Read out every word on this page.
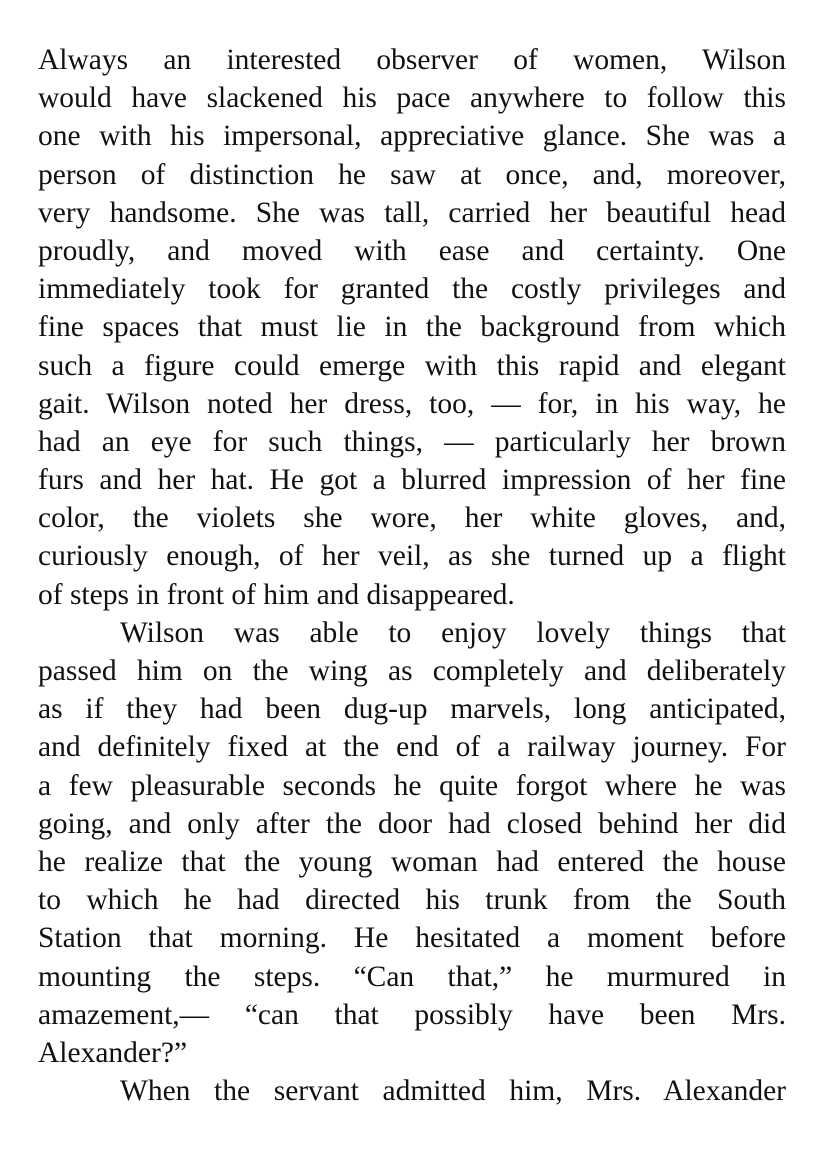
Always an interested observer of women, Wilson
would have slackened his pace anywhere to follow this
one with his impersonal, appreciative glance. She was a
person of distinction he saw at once, and, moreover,
very handsome. She was tall, carried her beautiful head
proudly, and moved with ease and certainty. One
immediately took for granted the costly privileges and
fine spaces that must lie in the background from which
such a figure could emerge with this rapid and elegant
gait. Wilson noted her dress, too, — for, in his way, he
had an eye for such things, — particularly her brown
furs and her hat. He got a blurred impression of her fine
color, the violets she wore, her white gloves, and,
curiously enough, of her veil, as she turned up a flight
of steps in front of him and disappeared.
Wilson was able to enjoy lovely things that
passed him on the wing as completely and deliberately
as if they had been dug-up marvels, long anticipated,
and definitely fixed at the end of a railway journey. For
a few pleasurable seconds he quite forgot where he was
going, and only after the door had closed behind her did
he realize that the young woman had entered the house
to which he had directed his trunk from the South
Station that morning. He hesitated a moment before
mounting the steps. “Can that,” he murmured in
amazement,— “can that possibly have been Mrs.
Alexander?”
When the servant admitted him, Mrs. Alexander
